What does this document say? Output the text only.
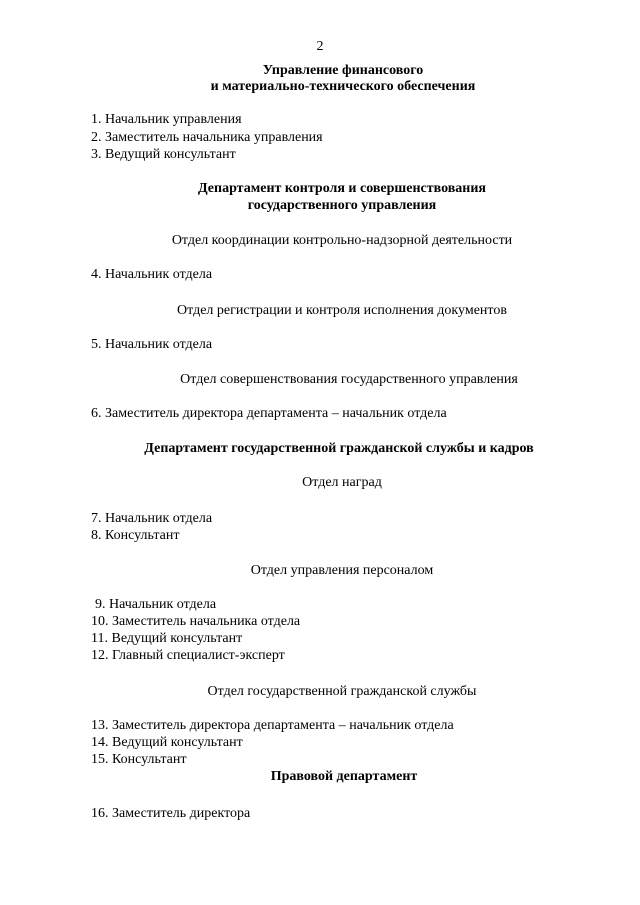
2
Управление финансового
и материально-технического обеспечения
1. Начальник управления
2. Заместитель начальника управления
3. Ведущий консультант
Департамент контроля и совершенствования
государственного управления
Отдел координации контрольно-надзорной деятельности
4. Начальник отдела
Отдел регистрации и контроля исполнения документов
5. Начальник отдела
Отдел совершенствования государственного управления
6. Заместитель директора департамента – начальник отдела
Департамент государственной гражданской службы и кадров
Отдел наград
7. Начальник отдела
8. Консультант
Отдел управления персоналом
9. Начальник отдела
10. Заместитель начальника отдела
11. Ведущий консультант
12. Главный специалист-эксперт
Отдел государственной гражданской службы
13. Заместитель директора департамента – начальник отдела
14. Ведущий консультант
15. Консультант
Правовой департамент
16. Заместитель директора
